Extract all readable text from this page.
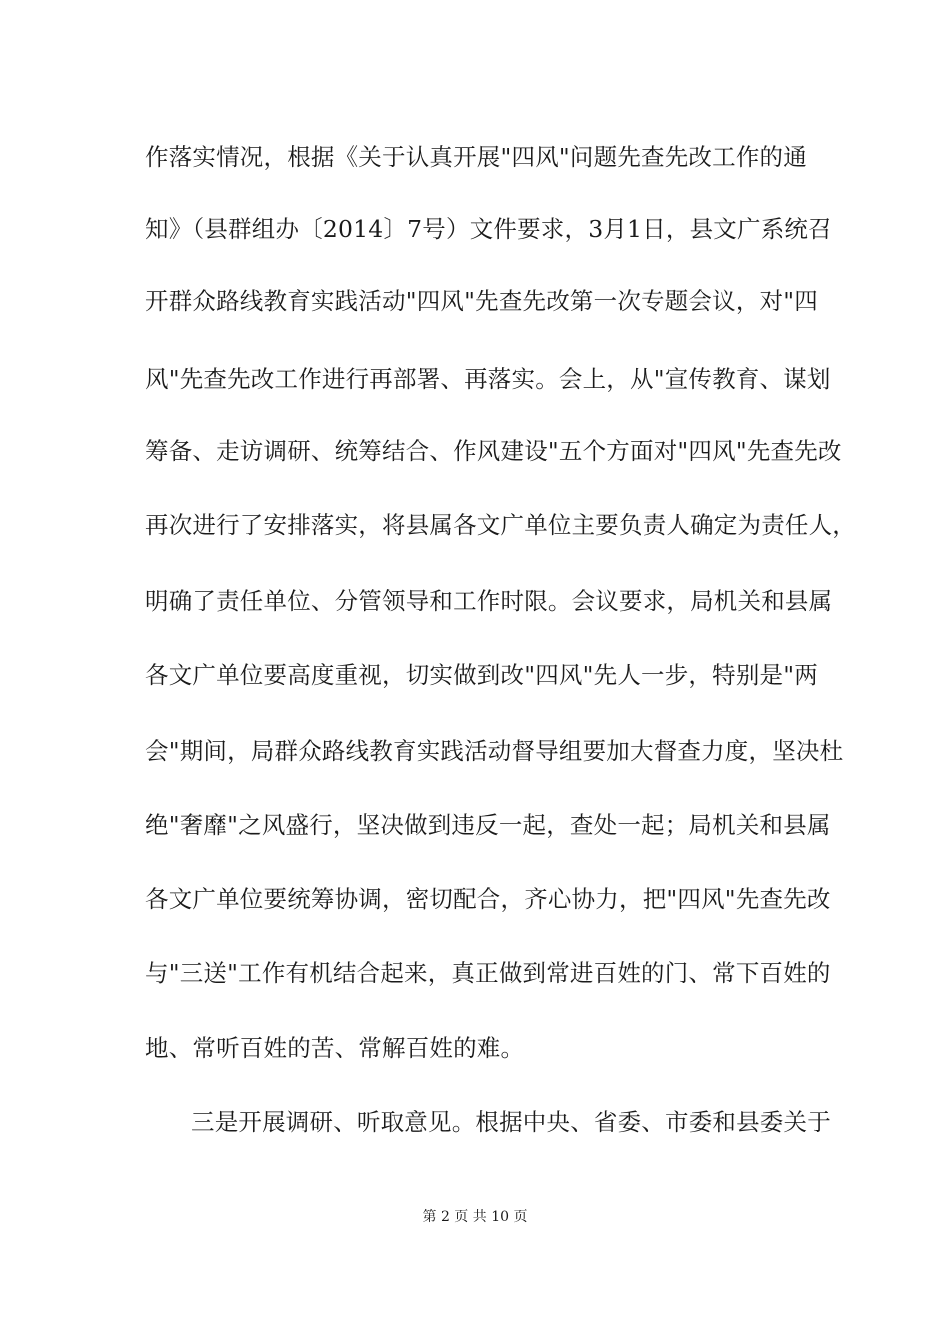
作落实情况，根据《关于认真开展"四风"问题先查先改工作的通
知》（县群组办〔2014〕7号）文件要求，3月1日，县文广系统召
开群众路线教育实践活动"四风"先查先改第一次专题会议，对"四
风"先查先改工作进行再部署、再落实。会上，从"宣传教育、谋划
筹备、走访调研、统筹结合、作风建设"五个方面对"四风"先查先改
再次进行了安排落实，将县属各文广单位主要负责人确定为责任人，
明确了责任单位、分管领导和工作时限。会议要求，局机关和县属
各文广单位要高度重视，切实做到改"四风"先人一步，特别是"两
会"期间，局群众路线教育实践活动督导组要加大督查力度，坚决杜
绝"奢靡"之风盛行，坚决做到违反一起，查处一起；局机关和县属
各文广单位要统筹协调，密切配合，齐心协力，把"四风"先查先改
与"三送"工作有机结合起来，真正做到常进百姓的门、常下百姓的
地、常听百姓的苦、常解百姓的难。
三是开展调研、听取意见。根据中央、省委、市委和县委关于
第 2 页 共 10 页
